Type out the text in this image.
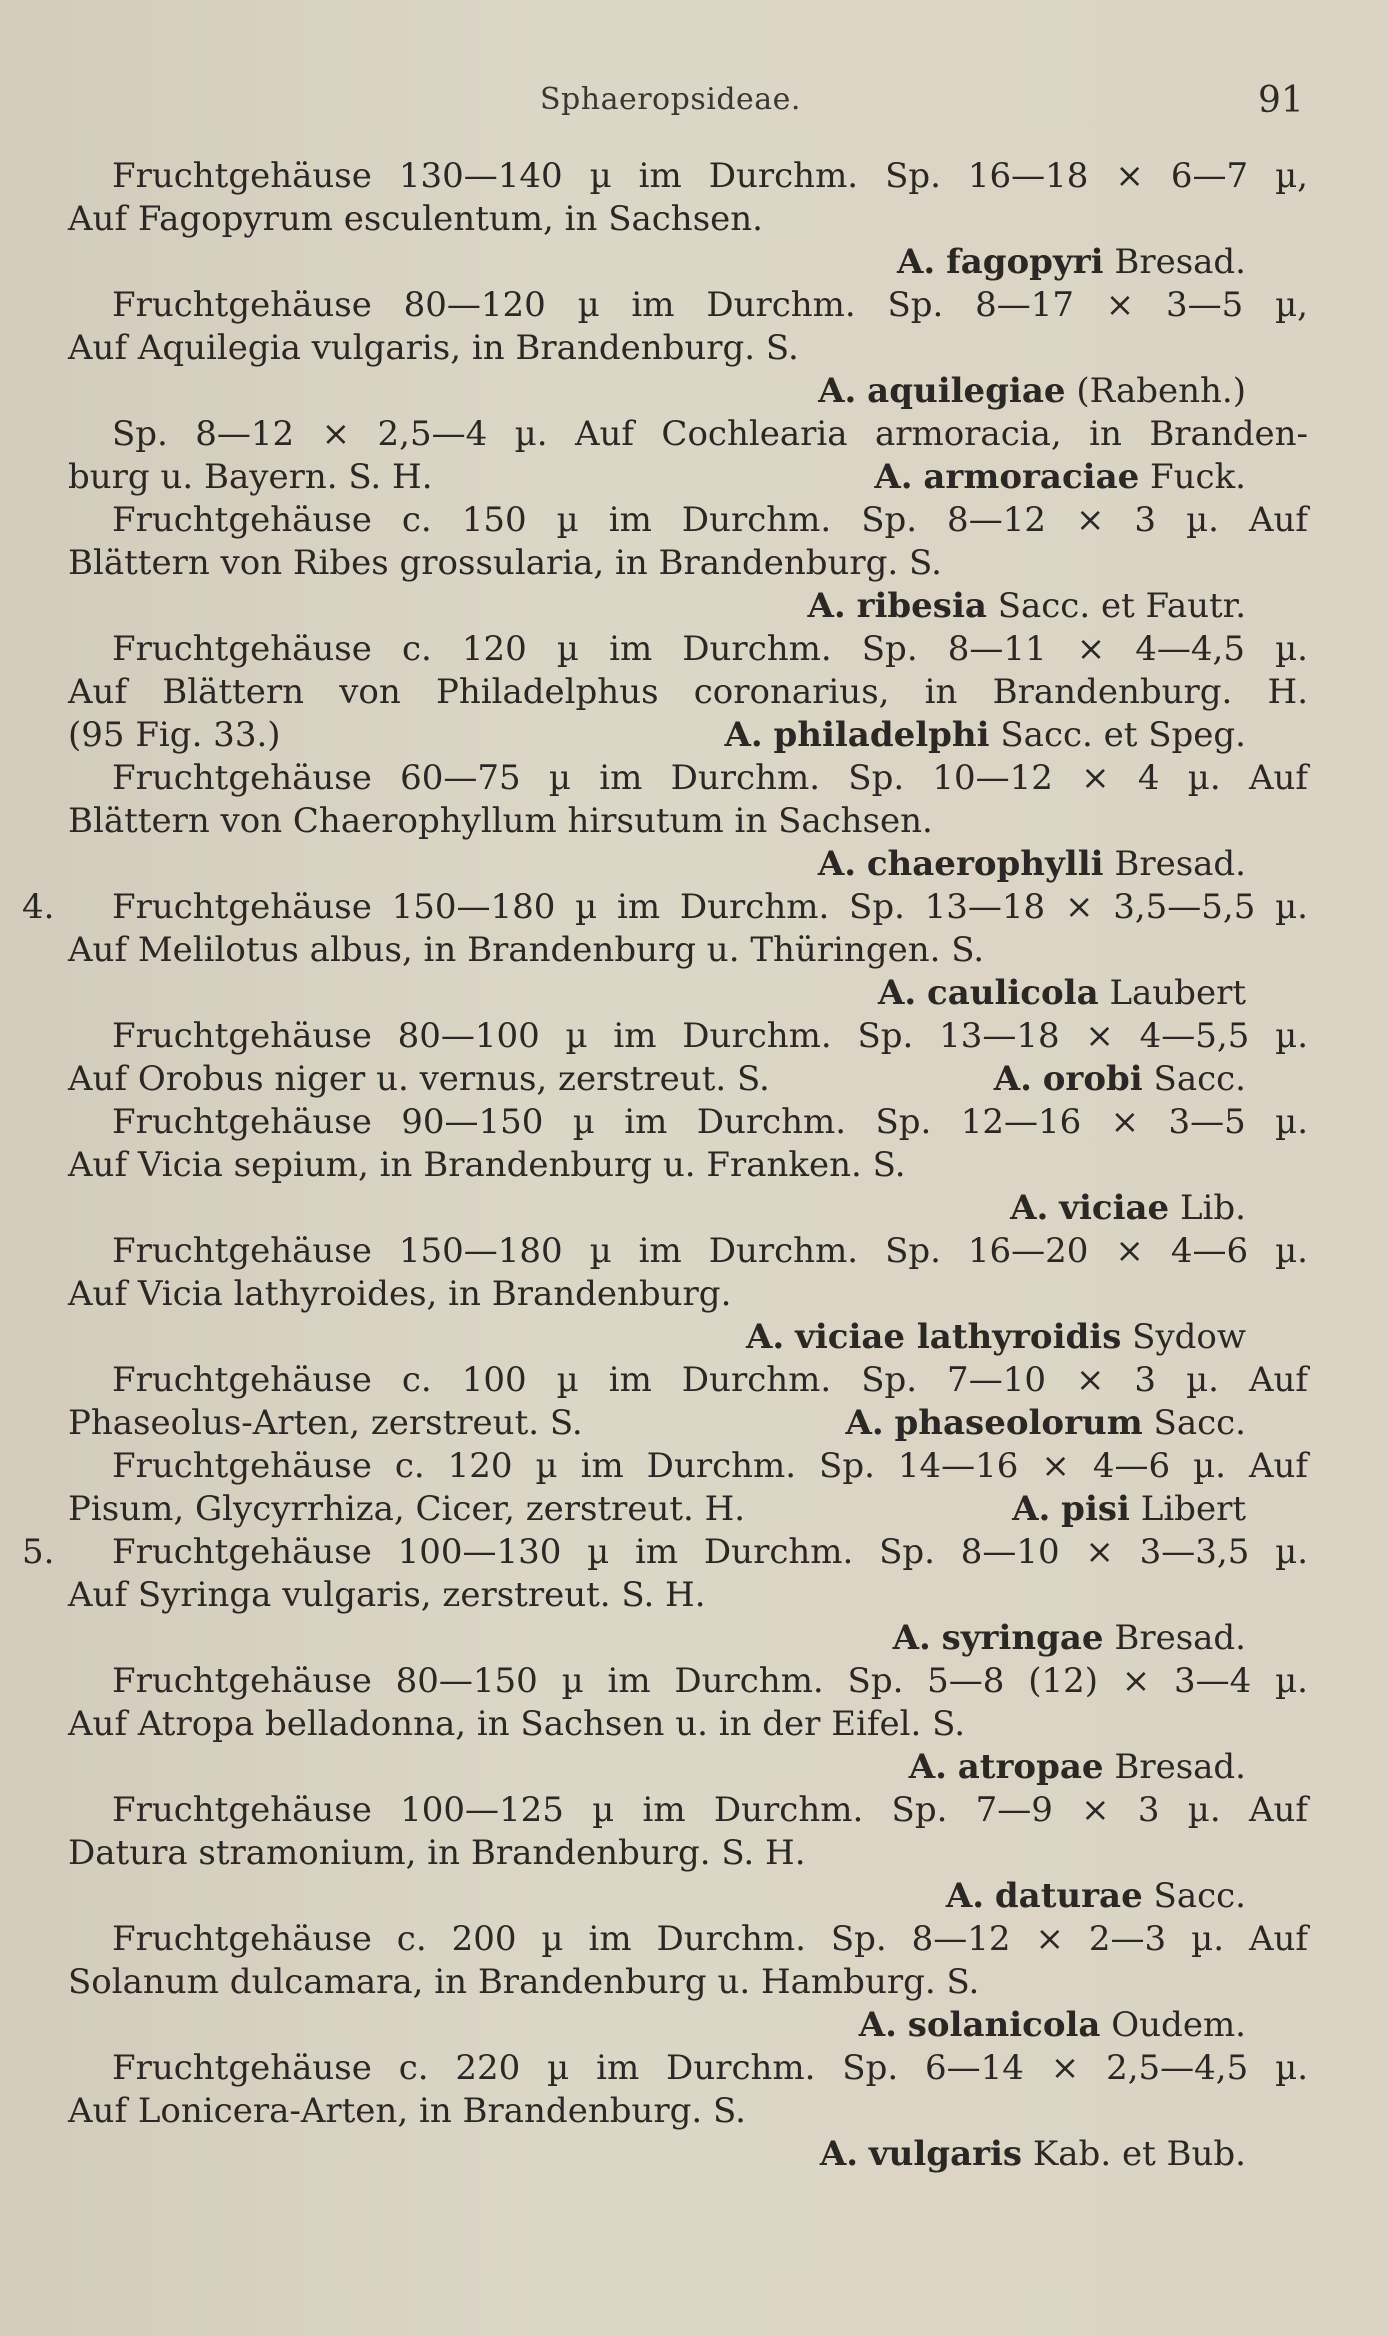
Sphaeropsideae.	91
Fruchtgehäuse 130—140 µ im Durchm. Sp. 16—18 × 6—7 µ,
Auf Fagopyrum esculentum, in Sachsen.
A. fagopyri Bresad.
Fruchtgehäuse 80—120 µ im Durchm. Sp. 8—17 × 3—5 µ,
Auf Aquilegia vulgaris, in Brandenburg. S.
A. aquilegiae (Rabenh.)
Sp. 8—12 × 2,5—4 µ. Auf Cochlearia armoracia, in Branden-
burg u. Bayern. S. H.	A. armoraciae Fuck.
Fruchtgehäuse c. 150 µ im Durchm. Sp. 8—12 × 3 µ. Auf
Blättern von Ribes grossularia, in Brandenburg. S.
A. ribesia Sacc. et Fautr.
Fruchtgehäuse c. 120 µ im Durchm. Sp. 8—11 × 4—4,5 µ.
Auf Blättern von Philadelphus coronarius, in Brandenburg. H.
(95 Fig. 33.)	A. philadelphi Sacc. et Speg.
Fruchtgehäuse 60—75 µ im Durchm. Sp. 10—12 × 4 µ. Auf
Blättern von Chaerophyllum hirsutum in Sachsen.
A. chaerophylli Bresad.
4.	Fruchtgehäuse 150—180 µ im Durchm. Sp. 13—18 × 3,5—5,5 µ.
Auf Melilotus albus, in Brandenburg u. Thüringen. S.
A. caulicola Laubert
Fruchtgehäuse 80—100 µ im Durchm. Sp. 13—18 × 4—5,5 µ.
Auf Orobus niger u. vernus, zerstreut. S.	A. orobi Sacc.
Fruchtgehäuse 90—150 µ im Durchm. Sp. 12—16 × 3—5 µ.
Auf Vicia sepium, in Brandenburg u. Franken. S.
A. viciae Lib.
Fruchtgehäuse 150—180 µ im Durchm. Sp. 16—20 × 4—6 µ.
Auf Vicia lathyroides, in Brandenburg.
A. viciae lathyroidis Sydow
Fruchtgehäuse c. 100 µ im Durchm. Sp. 7—10 × 3 µ. Auf
Phaseolus-Arten, zerstreut. S.	A. phaseolorum Sacc.
Fruchtgehäuse c. 120 µ im Durchm. Sp. 14—16 × 4—6 µ. Auf
Pisum, Glycyrrhiza, Cicer, zerstreut. H.	A. pisi Libert
5.	Fruchtgehäuse 100—130 µ im Durchm. Sp. 8—10 × 3—3,5 µ.
Auf Syringa vulgaris, zerstreut. S. H.
A. syringae Bresad.
Fruchtgehäuse 80—150 µ im Durchm. Sp. 5—8 (12) × 3—4 µ.
Auf Atropa belladonna, in Sachsen u. in der Eifel. S.
A. atropae Bresad.
Fruchtgehäuse 100—125 µ im Durchm. Sp. 7—9 × 3 µ. Auf
Datura stramonium, in Brandenburg. S. H.
A. daturae Sacc.
Fruchtgehäuse c. 200 µ im Durchm. Sp. 8—12 × 2—3 µ. Auf
Solanum dulcamara, in Brandenburg u. Hamburg. S.
A. solanicola Oudem.
Fruchtgehäuse c. 220 µ im Durchm. Sp. 6—14 × 2,5—4,5 µ.
Auf Lonicera-Arten, in Brandenburg. S.
A. vulgaris Kab. et Bub.
